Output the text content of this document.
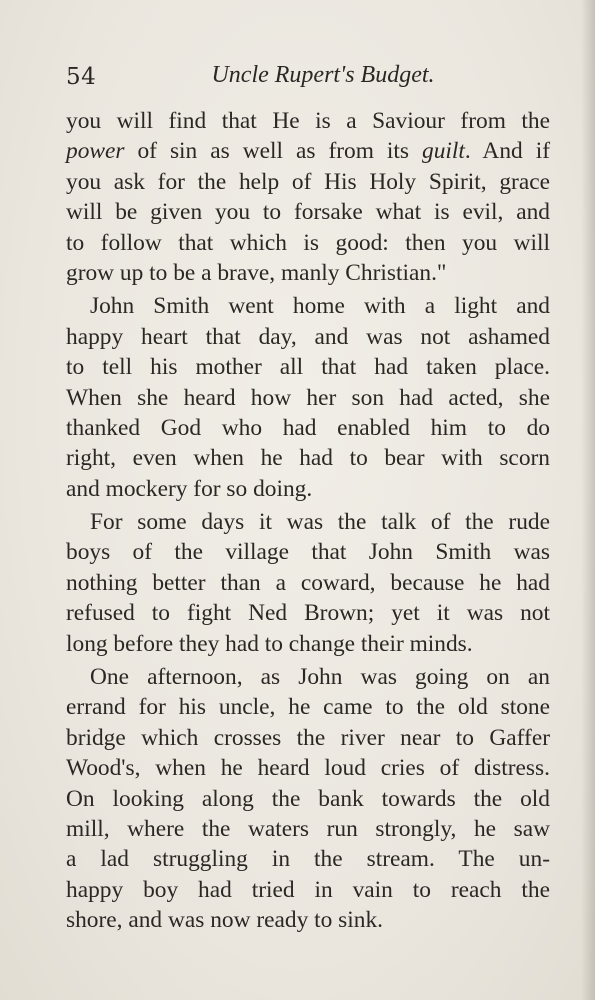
54	Uncle Rupert's Budget.
you will find that He is a Saviour from the
power of sin as well as from its guilt. And if
you ask for the help of His Holy Spirit, grace
will be given you to forsake what is evil, and
to follow that which is good: then you will
grow up to be a brave, manly Christian."
John Smith went home with a light and
happy heart that day, and was not ashamed
to tell his mother all that had taken place.
When she heard how her son had acted, she
thanked God who had enabled him to do
right, even when he had to bear with scorn
and mockery for so doing.
For some days it was the talk of the rude
boys of the village that John Smith was
nothing better than a coward, because he had
refused to fight Ned Brown; yet it was not
long before they had to change their minds.
One afternoon, as John was going on an
errand for his uncle, he came to the old stone
bridge which crosses the river near to Gaffer
Wood's, when he heard loud cries of distress.
On looking along the bank towards the old
mill, where the waters run strongly, he saw
a lad struggling in the stream. The un-
happy boy had tried in vain to reach the
shore, and was now ready to sink.
